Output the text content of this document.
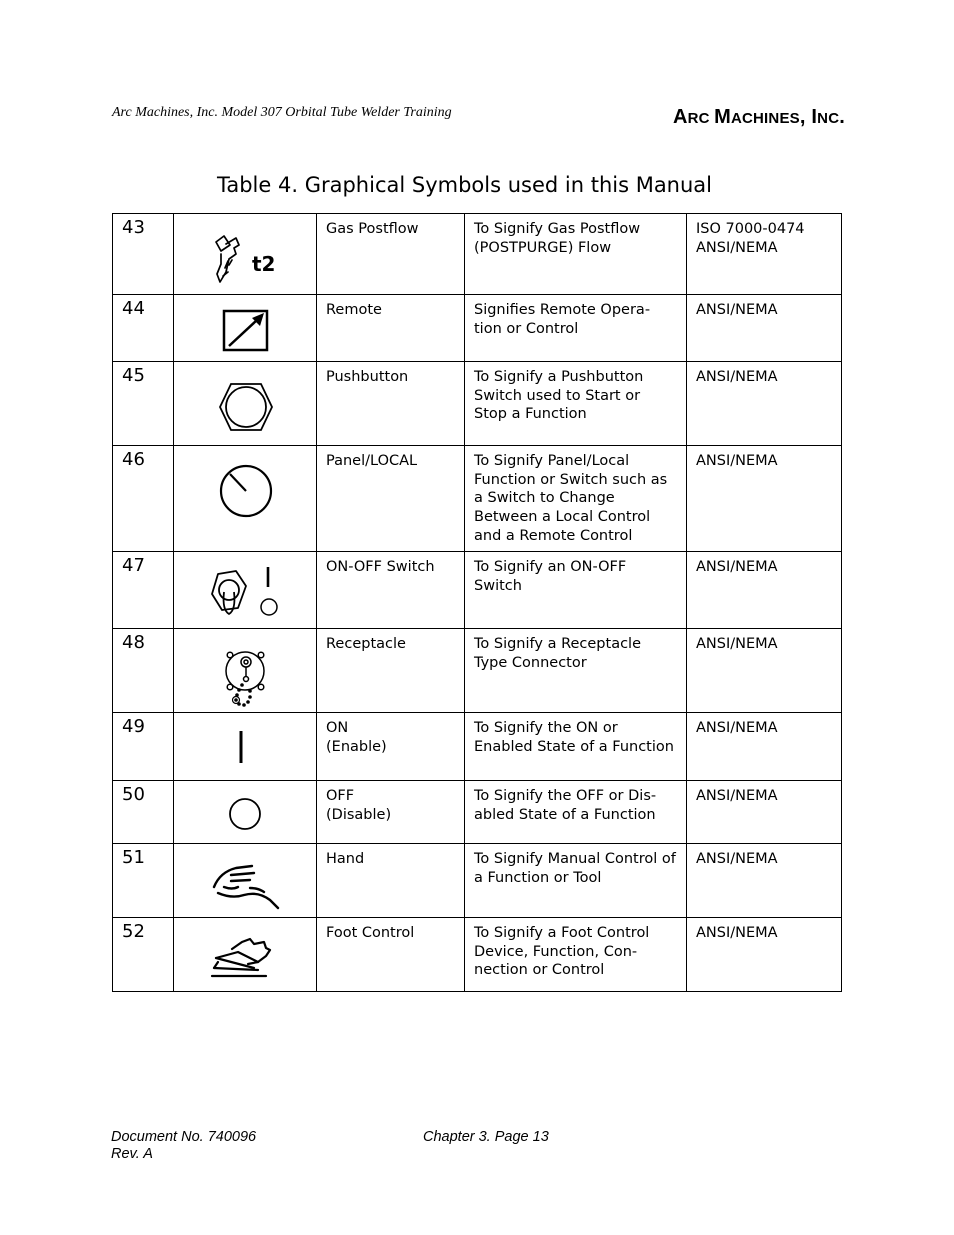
Arc Machines, Inc. Model 307 Orbital Tube Welder Training	ARC MACHINES, INC.
Table 4. Graphical Symbols used in this Manual
43	t2	Gas Postflow	To Signify Gas Postflow (POSTPURGE) Flow	ISO 7000-0474 ANSI/NEMA
44		Remote	Signifies Remote Opera-tion or Control	ANSI/NEMA
45		Pushbutton	To Signify a Pushbutton Switch used to Start or Stop a Function	ANSI/NEMA
46		Panel/LOCAL	To Signify Panel/Local Function or Switch such as a Switch to Change Between a Local Control and a Remote Control	ANSI/NEMA
47		ON-OFF Switch	To Signify an ON-OFF Switch	ANSI/NEMA
48		Receptacle	To Signify a Receptacle Type Connector	ANSI/NEMA
49		ON (Enable)	To Signify the ON or Enabled State of a Function	ANSI/NEMA
50		OFF (Disable)	To Signify the OFF or Dis-abled State of a Function	ANSI/NEMA
51		Hand	To Signify Manual Control of a Function or Tool	ANSI/NEMA
52		Foot Control	To Signify a Foot Control Device, Function, Con-nection or Control	ANSI/NEMA
Document No. 740096
Rev. A
Chapter 3. Page 13
